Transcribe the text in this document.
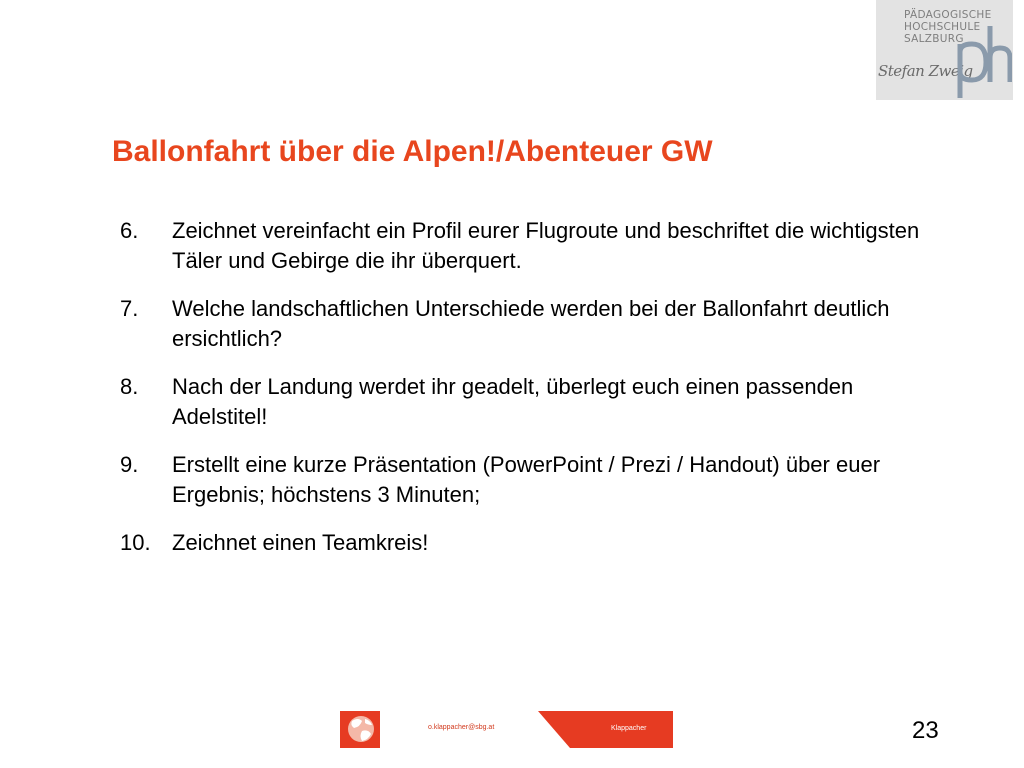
PÄDAGOGISCHE
HOCHSCHULE
SALZBURG
Stefan Zweig
Ballonfahrt über die Alpen!/Abenteuer GW
6. Zeichnet vereinfacht ein Profil eurer Flugroute und beschriftet die wichtigsten Täler und Gebirge die ihr überquert.
7. Welche landschaftlichen Unterschiede werden bei der Ballonfahrt deutlich ersichtlich?
8. Nach der Landung werdet ihr geadelt, überlegt euch einen passenden Adelstitel!
9. Erstellt eine kurze Präsentation (PowerPoint / Prezi / Handout) über euer Ergebnis; höchstens 3 Minuten;
10. Zeichnet einen Teamkreis!
o.klappacher@sbg.at	Klappacher	23
